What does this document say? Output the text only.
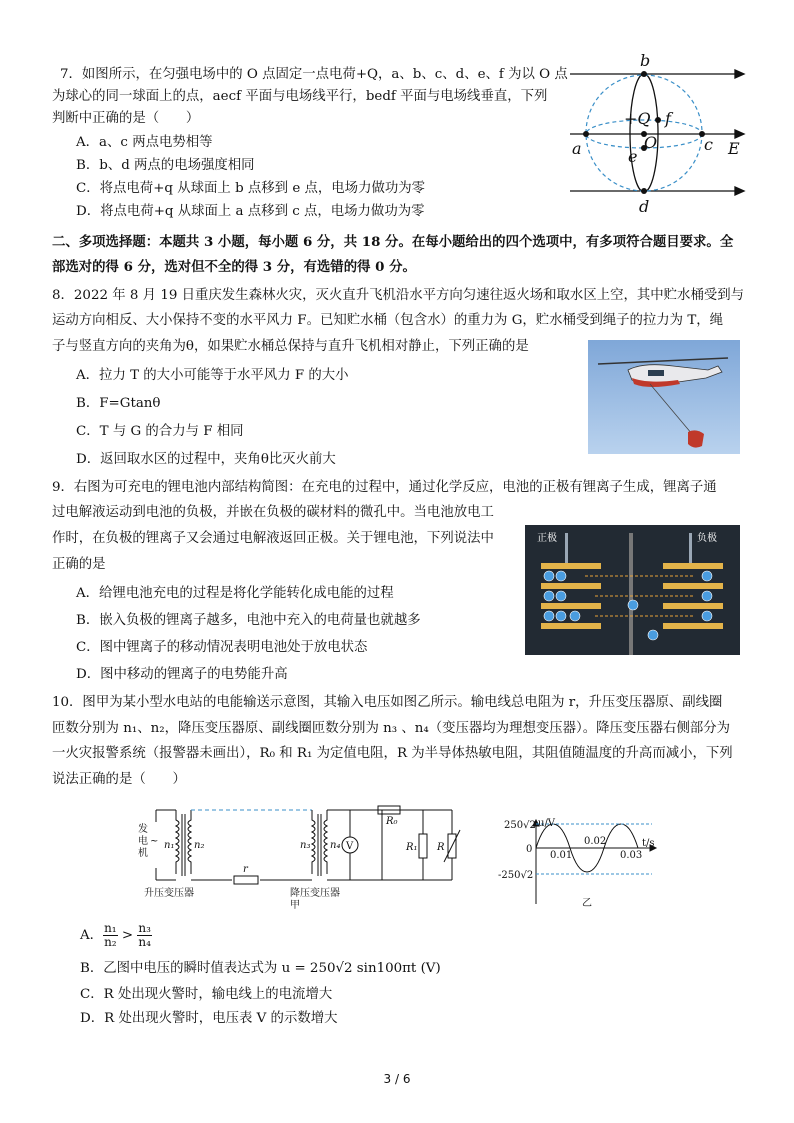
7．如图所示，在匀强电场中的 O 点固定一点电荷+Q，a、b、c、d、e、f 为以 O 点
为球心的同一球面上的点，aecf 平面与电场线平行，bedf 平面与电场线垂直，下列
判断中正确的是（　　）
A．a、c 两点电势相等
B．b、d 两点的电场强度相同
C．将点电荷+q 从球面上 b 点移到 e 点，电场力做功为零
D．将点电荷+q 从球面上 a 点移到 c 点，电场力做功为零
b
d
a	c
e
f
O
+Q
E
二、多项选择题：本题共 3 小题，每小题 6 分，共 18 分。在每小题给出的四个选项中，有多项符合题目要求。全
部选对的得 6 分，选对但不全的得 3 分，有选错的得 0 分。
8．2022 年 8 月 19 日重庆发生森林火灾，灭火直升飞机沿水平方向匀速往返火场和取水区上空，其中贮水桶受到与
运动方向相反、大小保持不变的水平风力 F。已知贮水桶（包含水）的重力为 G，贮水桶受到绳子的拉力为 T，绳
子与竖直方向的夹角为θ，如果贮水桶总保持与直升飞机相对静止，下列正确的是
A．拉力 T 的大小可能等于水平风力 F 的大小
B．F=Gtanθ
C．T 与 G 的合力与 F 相同
D．返回取水区的过程中，夹角θ比灭火前大
9．右图为可充电的锂电池内部结构简图：在充电的过程中，通过化学反应，电池的正极有锂离子生成，锂离子通
过电解液运动到电池的负极，并嵌在负极的碳材料的微孔中。当电池放电工
作时，在负极的锂离子又会通过电解液返回正极。关于锂电池，下列说法中
正确的是
A．给锂电池充电的过程是将化学能转化成电能的过程
B．嵌入负极的锂离子越多，电池中充入的电荷量也就越多
C．图中锂离子的移动情况表明电池处于放电状态
D．图中移动的锂离子的电势能升高
正极	负极
10．图甲为某小型水电站的电能输送示意图，其输入电压如图乙所示。输电线总电阻为 r，升压变压器原、副线圈
匝数分别为 n₁、n₂，降压变压器原、副线圈匝数分别为 n₃ 、n₄（变压器均为理想变压器）。降压变压器右侧部分为
一火灾报警系统（报警器未画出），R₀ 和 R₁ 为定值电阻，R 为半导体热敏电阻，其阻值随温度的升高而减小，下列
说法正确的是（　　）
发
电 ~
机
n₁ n₂	n₃ n₄
r
R₀
R₁ R
V
升压变压器	降压变压器
甲
u/V
t/s
250√2
-250√2
0
0.01
0.02
0.03
乙
A． $\frac{\text{n₁}}{\text{n₂}} > \frac{\text{n₃}}{\text{n₄}}$
B．乙图中电压的瞬时值表达式为 u = 250√2 sin100πt (V)
C．R 处出现火警时，输电线上的电流增大
D．R 处出现火警时，电压表 V 的示数增大
3 / 6
